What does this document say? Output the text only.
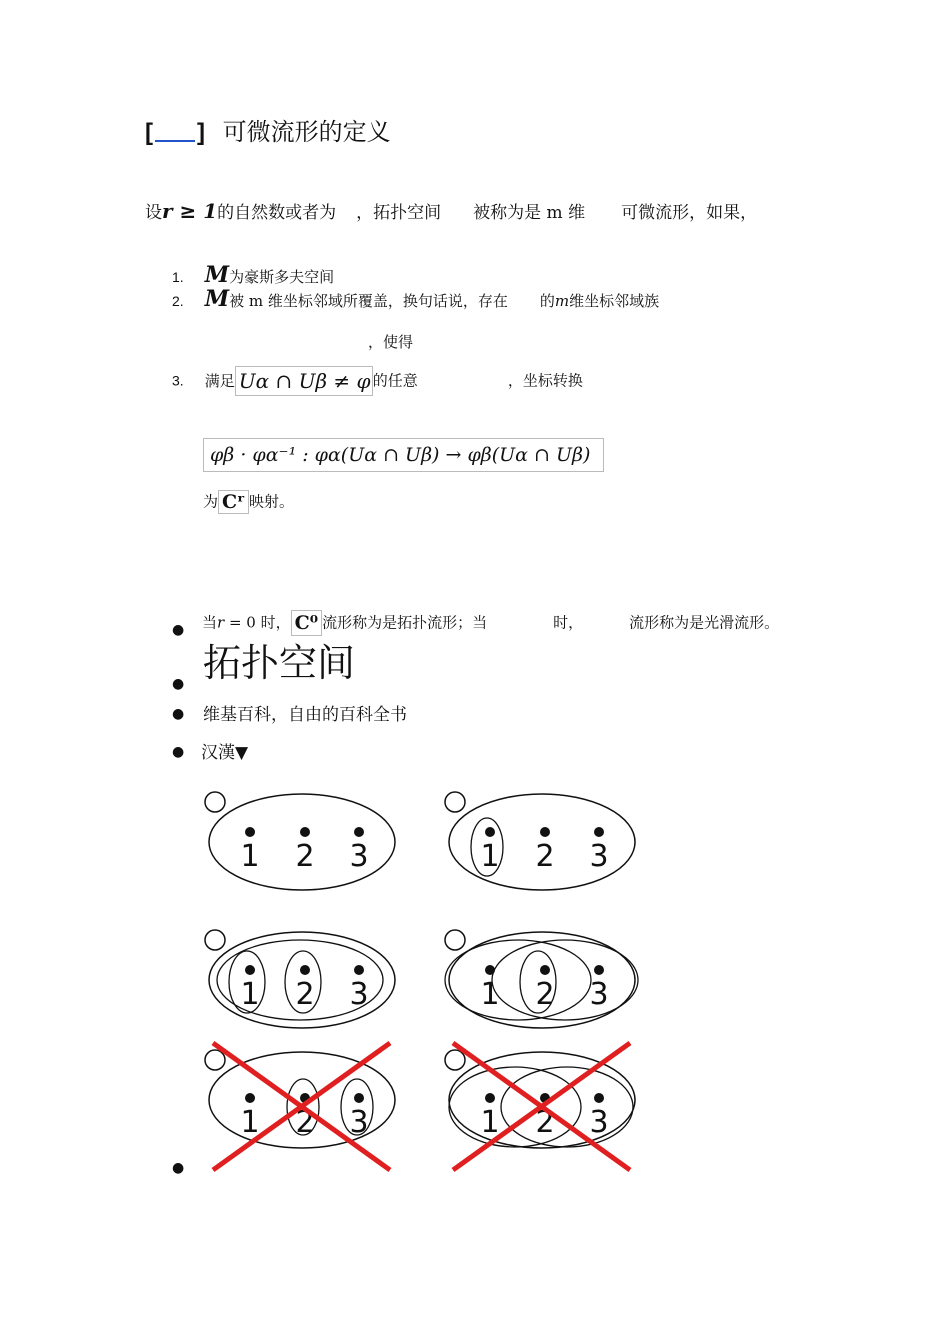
[ ] 可微流形的定义
设r ≥ 1的自然数或者为 ，拓扑空间 被称为是 m 维 可微流形，如果，
1. M为豪斯多夫空间
2. M被 m 维坐标邻域所覆盖，换句话说，存在 的m维坐标邻域族
，使得
3. 满足 Uα ∩ Uβ ≠ φ 的任意	，坐标转换
φβ · φα⁻¹ : φα(Uα ∩ Uβ) → φβ(Uα ∩ Uβ)
为 Cʳ 映射。
● 当r = 0 时， C⁰ 流形称为是拓扑流形；当	时，	流形称为是光滑流形。
拓扑空间
●
● 维基百科，自由的百科全书
● 汉漢▼
●
1 2 3	1 2 3
1 2 3	1 2 3
1 2 3	1 2 3
